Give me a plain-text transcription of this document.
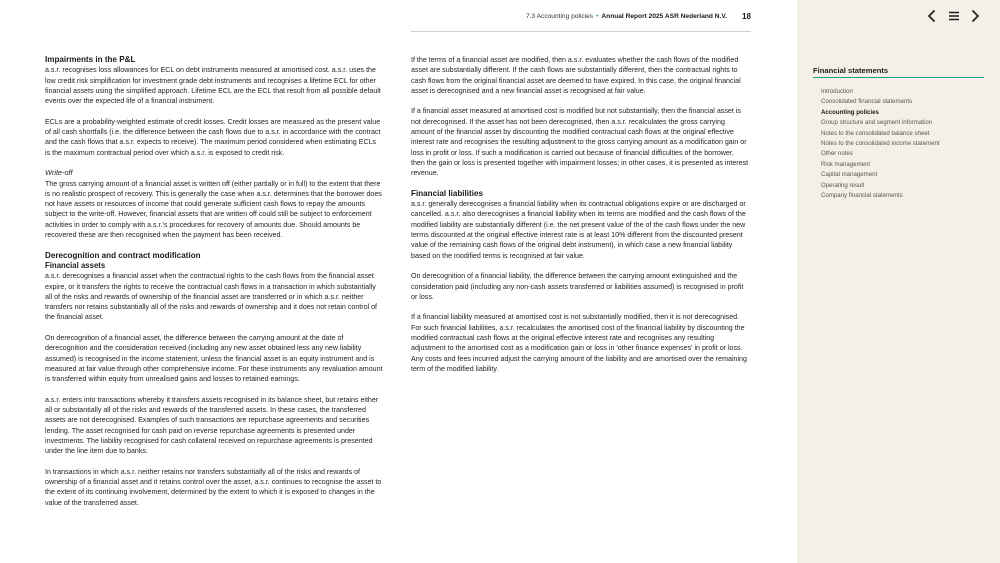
7.3 Accounting policies • Annual Report 2025 ASR Nederland N.V. 18
Impairments in the P&L

a.s.r. recognises loss allowances for ECL on debt instruments measured at amortised cost. a.s.r. uses the low credit risk simplification for investment grade debt instruments and recognises a lifetime ECL for other financial assets using the simplified approach. Lifetime ECL are the ECL that result from all possible default events over the expected life of a financial instrument.

ECLs are a probability-weighted estimate of credit losses. Credit losses are measured as the present value of all cash shortfalls (i.e. the difference between the cash flows due to a.s.r. in accordance with the contract and the cash flows that a.s.r. expects to receive). The maximum period considered when estimating ECLs is the maximum contractual period over which a.s.r. is exposed to credit risk.

Write-off

The gross carrying amount of a financial asset is written off (either partially or in full) to the extent that there is no realistic prospect of recovery. This is generally the case when a.s.r. determines that the borrower does not have assets or resources of income that could generate sufficient cash flows to repay the amounts subject to the write-off. However, financial assets that are written off could still be subject to enforcement activities in order to comply with a.s.r.'s procedures for recovery of amounts due. Should amounts be recovered these are then recognised when the payment has been received.

Derecognition and contract modification
Financial assets

a.s.r. derecognises a financial asset when the contractual rights to the cash flows from the financial asset expire, or it transfers the rights to receive the contractual cash flows in a transaction in which substantially all of the risks and rewards of ownership of the financial asset are transferred or in which a.s.r. neither transfers nor retains substantially all of the risks and rewards of ownership and it does not retain control of the financial asset.

On derecognition of a financial asset, the difference between the carrying amount at the date of derecognition and the consideration received (including any new asset obtained less any new liability assumed) is recognised in the income statement, unless the financial asset is an equity instrument and is measured at fair value through other comprehensive income. For these instruments any revaluation amount is transferred within equity from unrealised gains and losses to retained earnings.

a.s.r. enters into transactions whereby it transfers assets recognised in its balance sheet, but retains either all or substantially all of the risks and rewards of the transferred assets. In these cases, the transferred assets are not derecognised. Examples of such transactions are repurchase agreements and securities lending. The asset recognised for cash paid on reverse repurchase agreements is presented under investments. The liability recognised for cash collateral received on repurchase agreements is presented under the line item due to banks.

In transactions in which a.s.r. neither retains nor transfers substantially all of the risks and rewards of ownership of a financial asset and it retains control over the asset, a.s.r. continues to recognise the asset to the extent of its continuing involvement, determined by the extent to which it is exposed to changes in the value of the transferred asset.

If the terms of a financial asset are modified, then a.s.r. evaluates whether the cash flows of the modified asset are substantially different. If the cash flows are substantially different, then the contractual rights to cash flows from the original financial asset are deemed to have expired. In this case, the original financial asset is derecognised and a new financial asset is recognised at fair value.

If a financial asset measured at amortised cost is modified but not substantially, then the financial asset is not derecognised. If the asset has not been derecognised, then a.s.r. recalculates the gross carrying amount of the financial asset by discounting the modified contractual cash flows at the original effective interest rate and recognises the resulting adjustment to the gross carrying amount as a modification gain or loss in profit or loss. If such a modification is carried out because of financial difficulties of the borrower, then the gain or loss is presented together with impairment losses; in other cases, it is presented as interest revenue.

Financial liabilities

a.s.r. generally derecognises a financial liability when its contractual obligations expire or are discharged or cancelled. a.s.r. also derecognises a financial liability when its terms are modified and the cash flows of the modified liability are substantially different (i.e. the net present value of the of the cash flows under the new terms discounted at the original effective interest rate is at least 10% different from the discounted present value of the remaining cash flows of the original debt instrument), in which case a new financial liability based on the modified terms is recognised at fair value.

On derecognition of a financial liability, the difference between the carrying amount extinguished and the consideration paid (including any non-cash assets transferred or liabilities assumed) is recognised in profit or loss.

If a financial liability measured at amortised cost is not substantially modified, then it is not derecognised. For such financial liabilities, a.s.r. recalculates the amortised cost of the financial liability by discounting the modified contractual cash flows at the original effective interest rate and recognises any resulting adjustment to the amortised cost as a modification gain or loss in 'other finance expenses' in profit or loss. Any costs and fees incurred adjust the carrying amount of the liability and are amortised over the remaining term of the modified liability.

Financial statements
Introduction
Consolidated financial statements
Accounting policies
Group structure and segment information
Notes to the consolidated balance sheet
Notes to the consolidated income statement
Other notes
Risk management
Capital management
Operating result
Company financial statements
